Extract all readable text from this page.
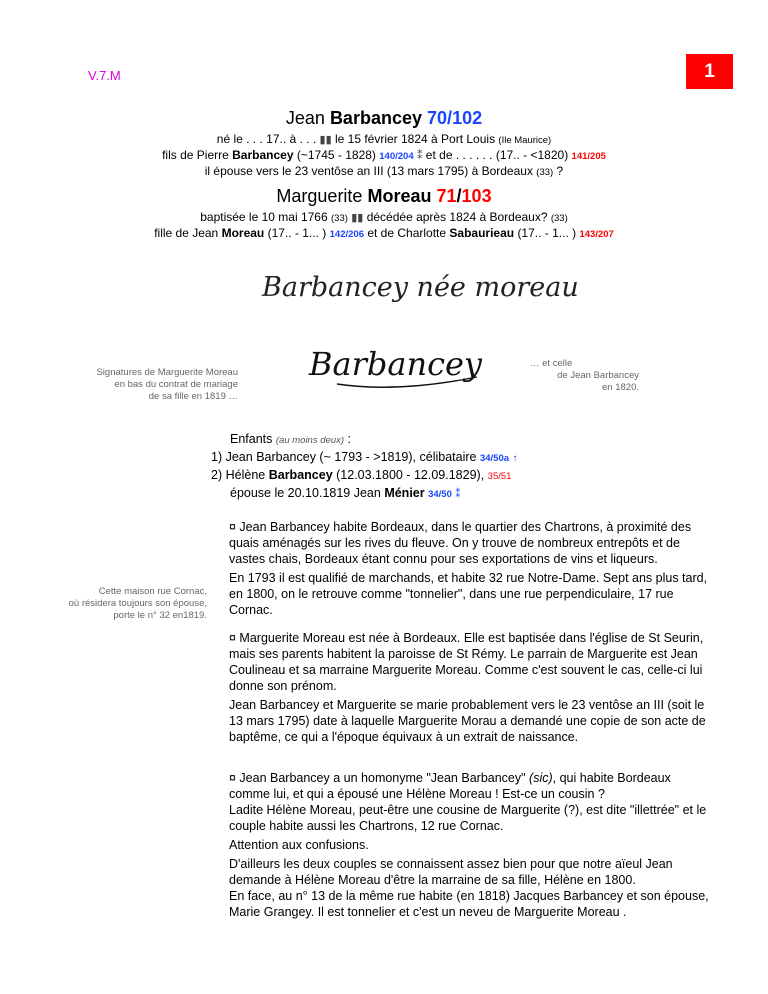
V.7.M	1
Jean Barbancey 70/102
né le . . . 17.. à . . . ▮▮ le 15 février 1824 à Port Louis (Ile Maurice)
fils de Pierre Barbancey (~1745 - 1828) 140/204 ⁑ et de . . . . . . (17.. - <1820) 141/205
il épouse vers le 23 ventôse an III (13 mars 1795) à Bordeaux (33) ?
Marguerite Moreau 71/103
baptisée le 10 mai 1766 (33) ▮▮ décédée après 1824 à Bordeaux? (33)
fille de Jean Moreau (17.. - 1... ) 142/206 et de Charlotte Sabaurieau (17.. - 1... ) 143/207
Barbancey née moreau
Barbancey
Signatures de Marguerite Moreau
en bas du contrat de mariage
de sa fille en 1819 …
… et celle
de Jean Barbancey
en 1820.
Enfants (au moins deux) :
1) Jean Barbancey (~ 1793 - >1819), célibataire 34/50a ↑
2) Hélène Barbancey (12.03.1800 - 12.09.1829), 35/51
épouse le 20.10.1819 Jean Ménier 34/50 ⁑
Cette maison rue Cornac,
où résidera toujours son épouse,
porte le n° 32 en1819.

¤ Jean Barbancey habite Bordeaux, dans le quartier des Chartrons, à proximité des quais aménagés sur les rives du fleuve. On y trouve de nombreux entrepôts et de vastes chais, Bordeaux étant connu pour ses exportations de vins et liqueurs.

En 1793 il est qualifié de marchands, et habite 32 rue Notre-Dame. Sept ans plus tard, en 1800, on le retrouve comme "tonnelier", dans une rue perpendiculaire, 17 rue Cornac.

¤ Marguerite Moreau est née à Bordeaux. Elle est baptisée dans l'église de St Seurin, mais ses parents habitent la paroisse de St Rémy. Le parrain de Marguerite est Jean Coulineau et sa marraine Marguerite Moreau. Comme c'est souvent le cas, celle-ci lui donne son prénom.

Jean Barbancey et Marguerite se marie probablement vers le 23 ventôse an III (soit le 13 mars 1795) date à laquelle Marguerite Morau a demandé une copie de son acte de baptême, ce qui a l'époque équivaux à un extrait de naissance.

¤ Jean Barbancey a un homonyme "Jean Barbancey" (sic), qui habite Bordeaux comme lui, et qui a épousé une Hélène Moreau ! Est-ce un cousin ?

Ladite Hélène Moreau, peut-être une cousine de Marguerite (?), est dite "illettrée" et le couple habite aussi les Chartrons, 12 rue Cornac.

Attention aux confusions.

D'ailleurs les deux couples se connaissent assez bien pour que notre aïeul Jean demande à Hélène Moreau d'être la marraine de sa fille, Hélène en 1800.

En face, au n° 13 de la même rue habite (en 1818) Jacques Barbancey et son épouse, Marie Grangey. Il est tonnelier et c'est un neveu de Marguerite Moreau .
